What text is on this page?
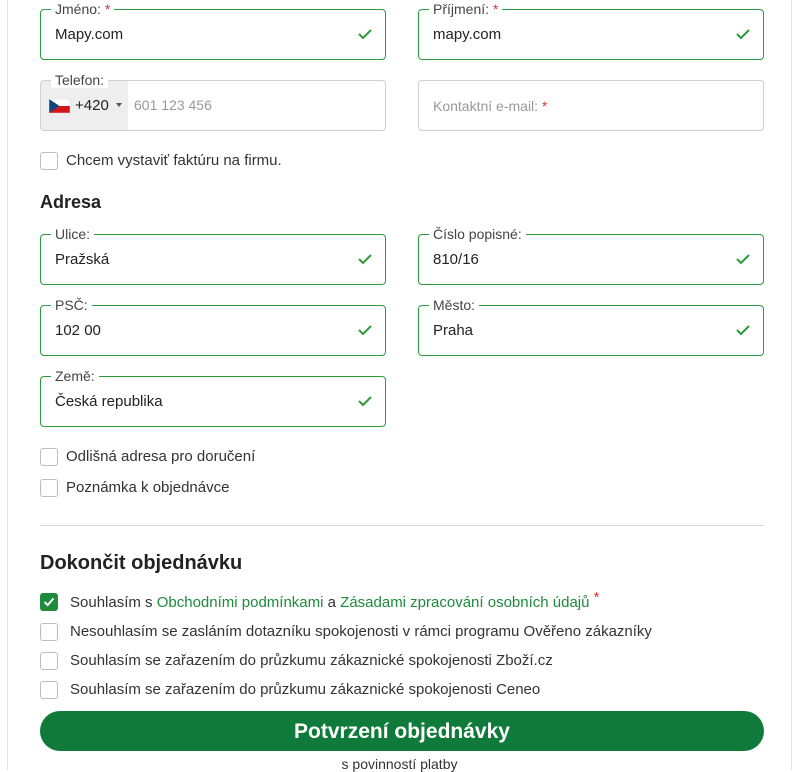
Jméno: *
Mapy.com
Příjmení: *
mapy.com
+420
Telefon:
601 123 456	Kontaktní e-mail: *
Chcem vystaviť faktúru na firmu.
Adresa
Ulice:
Pražská
Číslo popisné:
810/16
PSČ:
102 00
Město:
Praha
Země:
Česká republika
Odlišná adresa pro doručení
Poznámka k objednávce
Dokončit objednávku
Souhlasím s Obchodními podmínkami a Zásadami zpracování osobních údajů *
Nesouhlasím se zasláním dotazníku spokojenosti v rámci programu Ověřeno zákazníky
Souhlasím se zařazením do průzkumu zákaznické spokojenosti Zboží.cz
Souhlasím se zařazením do průzkumu zákaznické spokojenosti Ceneo
Potvrzení objednávky
s povinností platby
